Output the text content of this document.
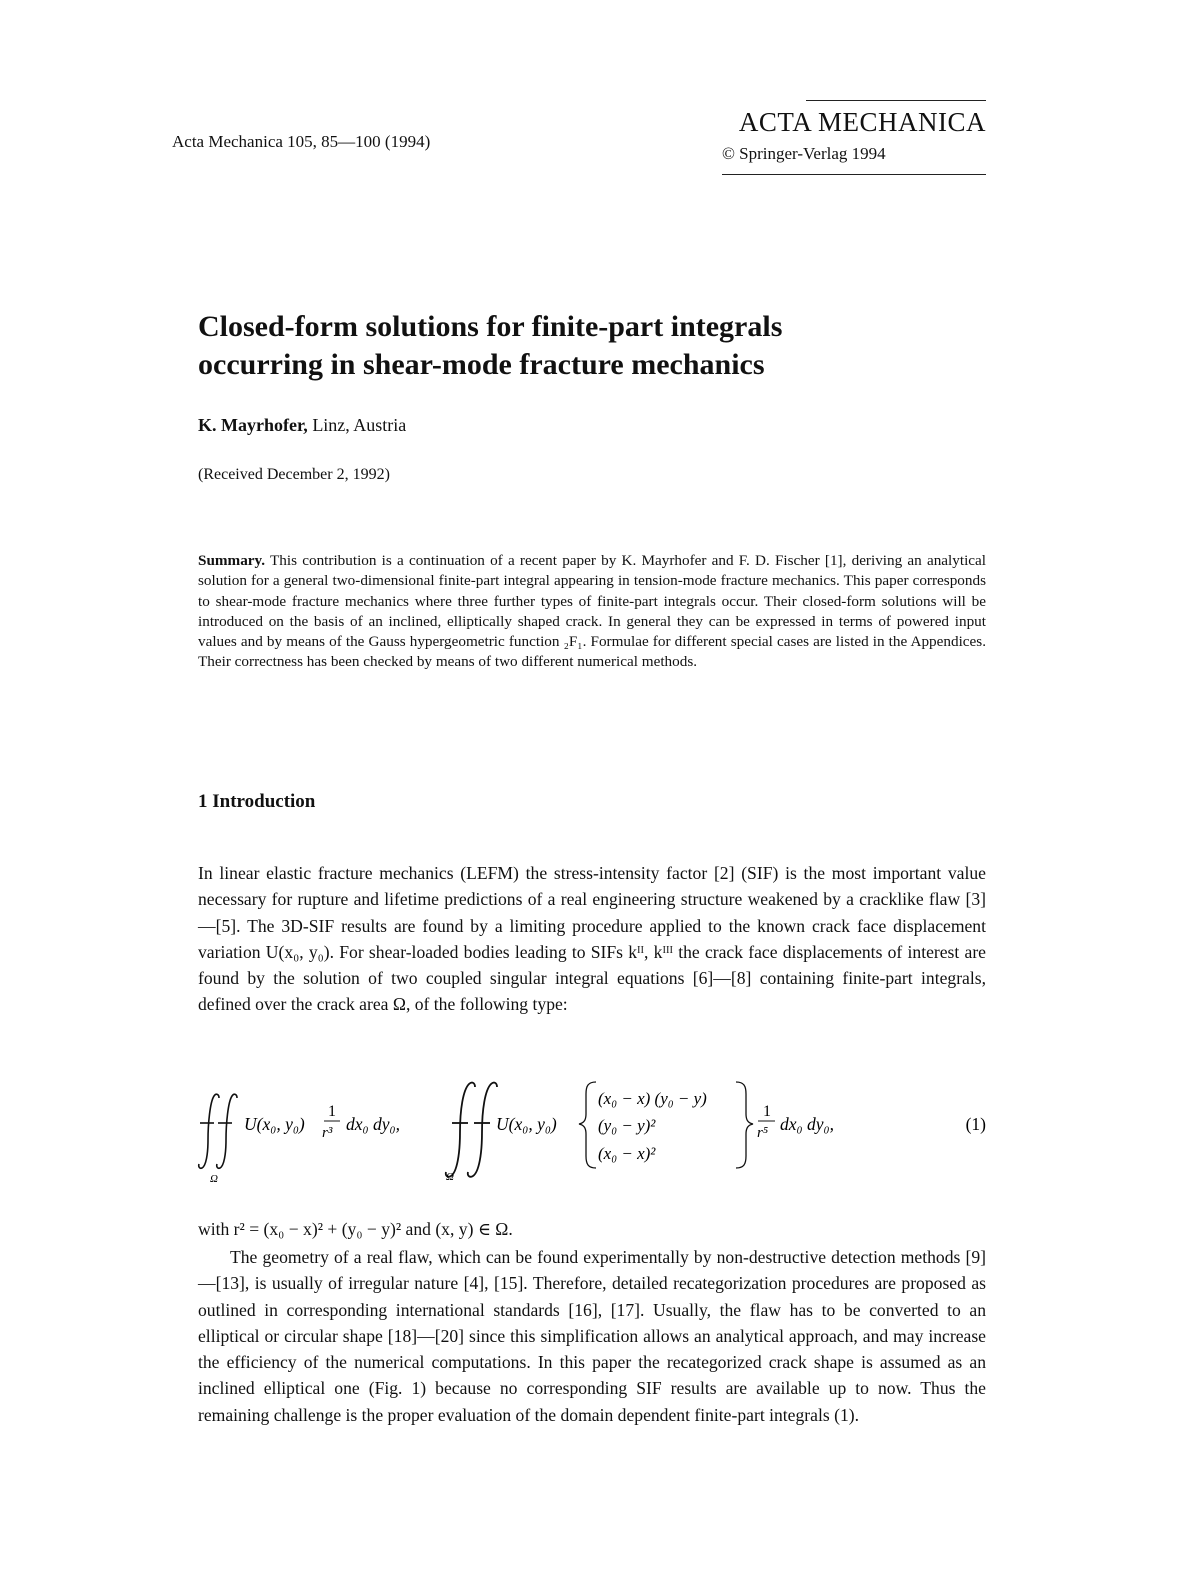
Acta Mechanica 105, 85—100 (1994)
ACTA MECHANICA
© Springer-Verlag 1994
Closed-form solutions for finite-part integrals
occurring in shear-mode fracture mechanics
K. Mayrhofer, Linz, Austria
(Received December 2, 1992)
Summary. This contribution is a continuation of a recent paper by K. Mayrhofer and F. D. Fischer [1], deriving an analytical solution for a general two-dimensional finite-part integral appearing in tension-mode fracture mechanics. This paper corresponds to shear-mode fracture mechanics where three further types of finite-part integrals occur. Their closed-form solutions will be introduced on the basis of an inclined, elliptically shaped crack. In general they can be expressed in terms of powered input values and by means of the Gauss hypergeometric function ₂F₁. Formulae for different special cases are listed in the Appendices. Their correctness has been checked by means of two different numerical methods.
1 Introduction
In linear elastic fracture mechanics (LEFM) the stress-intensity factor [2] (SIF) is the most important value necessary for rupture and lifetime predictions of a real engineering structure weakened by a cracklike flaw [3]—[5]. The 3D-SIF results are found by a limiting procedure applied to the known crack face displacement variation U(x₀, y₀). For shear-loaded bodies leading to SIFs kᴵᴵ, kᴵᴵᴵ the crack face displacements of interest are found by the solution of two coupled singular integral equations [6]—[8] containing finite-part integrals, defined over the crack area Ω, of the following type:
Ω
U(x₀, y₀)
1
r³ dx₀ dy₀,
Ω
U(x₀, y₀)
(x₀ − x) (y₀ − y)
(y₀ − y)²
(x₀ − x)²
1
r⁵ dx₀ dy₀,	(1)
with r² = (x₀ − x)² + (y₀ − y)² and (x, y) ∈ Ω.
The geometry of a real flaw, which can be found experimentally by non-destructive detection methods [9]—[13], is usually of irregular nature [4], [15]. Therefore, detailed recategorization procedures are proposed as outlined in corresponding international standards [16], [17]. Usually, the flaw has to be converted to an elliptical or circular shape [18]—[20] since this simplification allows an analytical approach, and may increase the efficiency of the numerical computations. In this paper the recategorized crack shape is assumed as an inclined elliptical one (Fig. 1) because no corresponding SIF results are available up to now. Thus the remaining challenge is the proper evaluation of the domain dependent finite-part integrals (1).
